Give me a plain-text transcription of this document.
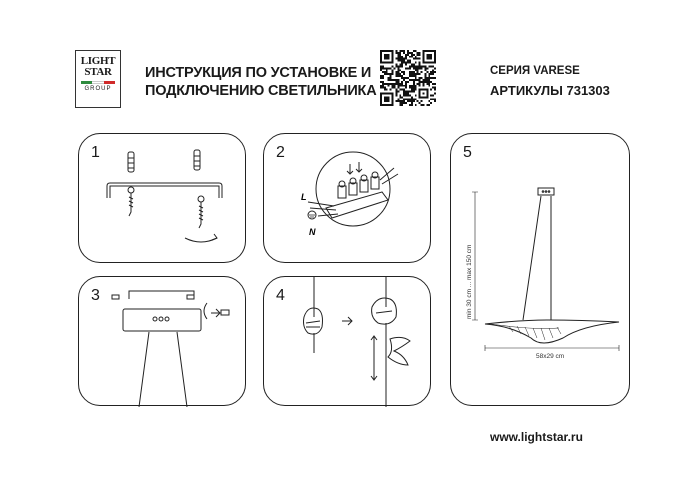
LIGHT
STAR
GROUP
ИНСТРУКЦИЯ ПО УСТАНОВКЕ И
ПОДКЛЮЧЕНИЮ СВЕТИЛЬНИКА
СЕРИЯ VARESE
АРТИКУЛЫ 731303
1	2
L
N
3	4
5
min 30 cm ... max 150 cm
58x29 cm
www.lightstar.ru
